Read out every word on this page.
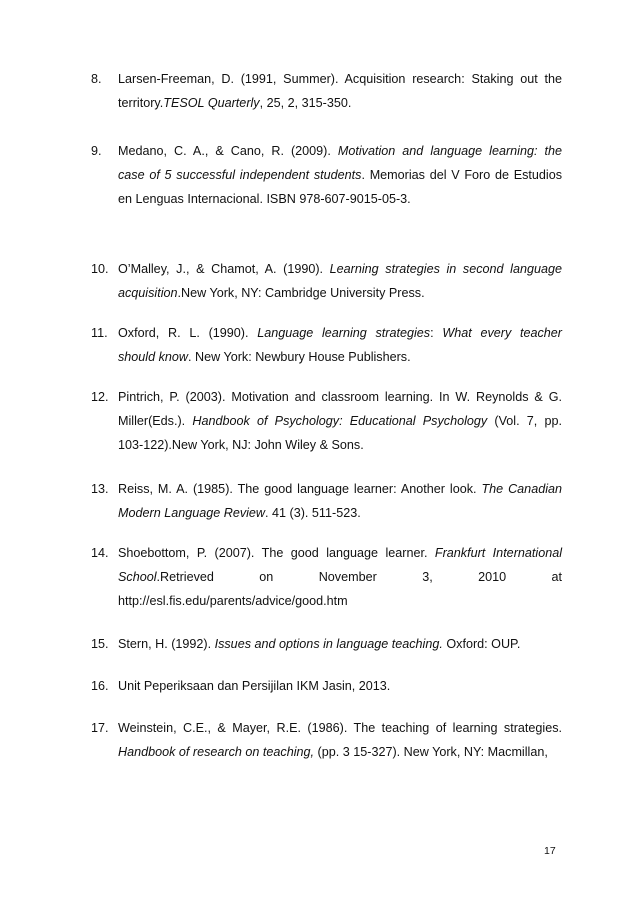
8. Larsen-Freeman, D. (1991, Summer). Acquisition research: Staking out the
territory.TESOL Quarterly, 25, 2, 315-350.
9. Medano, C. A., & Cano, R. (2009). Motivation and language learning: the
case of 5 successful independent students. Memorias del V Foro de Estudios
en Lenguas Internacional. ISBN 978-607-9015-05-3.
10. O’Malley, J., & Chamot, A. (1990). Learning strategies in second language
acquisition.New York, NY: Cambridge University Press.
11. Oxford, R. L. (1990). Language learning strategies: What every teacher
should know. New York: Newbury House Publishers.
12. Pintrich, P. (2003). Motivation and classroom learning. In W. Reynolds & G.
Miller(Eds.). Handbook of Psychology: Educational Psychology (Vol. 7, pp.
103-122).New York, NJ: John Wiley & Sons.
13. Reiss, M. A. (1985). The good language learner: Another look. The Canadian
Modern Language Review. 41 (3). 511-523.
14. Shoebottom, P. (2007). The good language learner. Frankfurt International
School.Retrieved on November 3, 2010 at
http://esl.fis.edu/parents/advice/good.htm
15. Stern, H. (1992). Issues and options in language teaching. Oxford: OUP.
16. Unit Peperiksaan dan Persijilan IKM Jasin, 2013.
17. Weinstein, C.E., & Mayer, R.E. (1986). The teaching of learning strategies.
Handbook of research on teaching, (pp. 3 15-327). New York, NY: Macmillan,
17
